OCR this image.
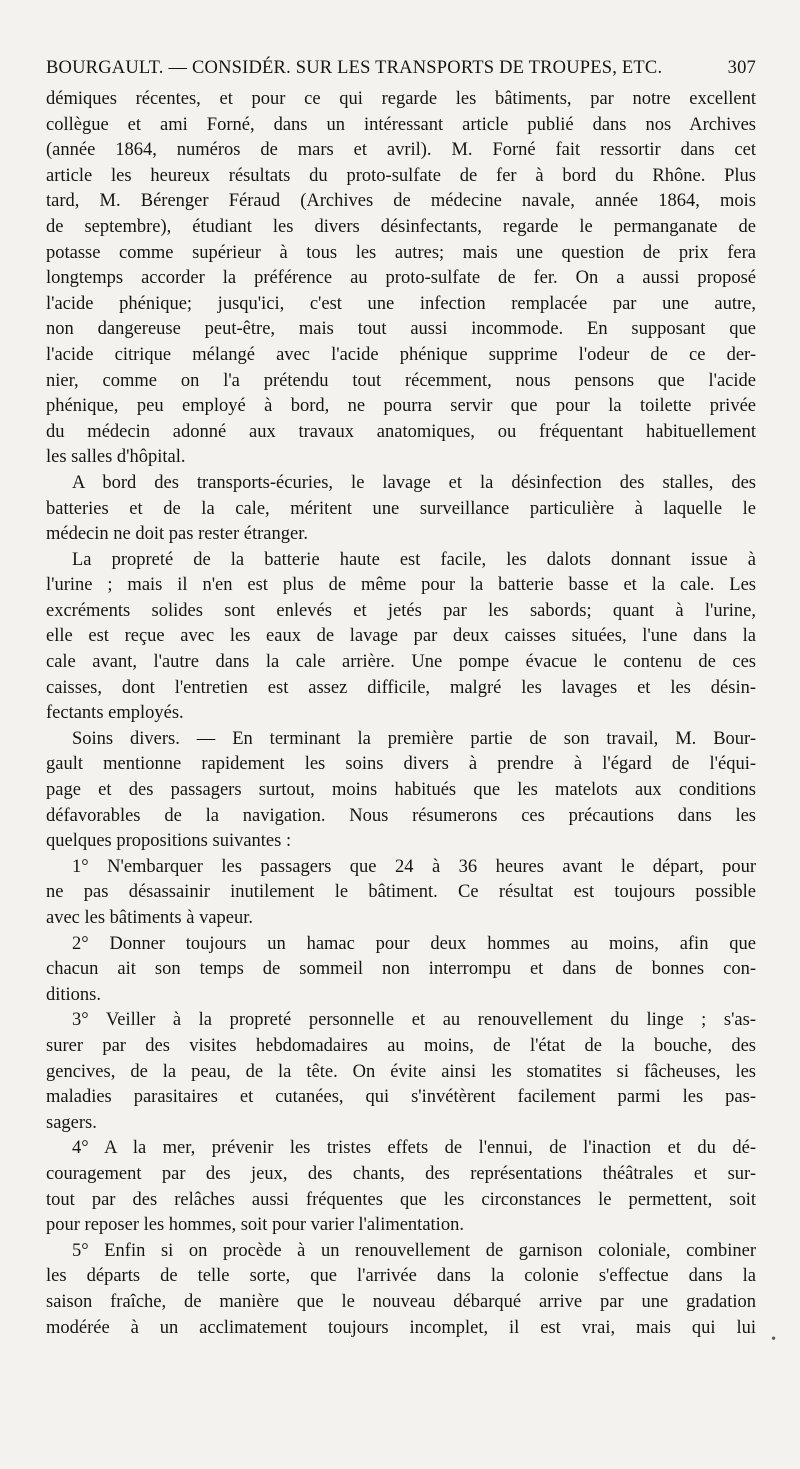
BOURGAULT. — CONSIDÉR. SUR LES TRANSPORTS DE TROUPES, ETC.	307
démiques récentes, et pour ce qui regarde les bâtiments, par notre excellent
collègue et ami Forné, dans un intéressant article publié dans nos Archives
(année 1864, numéros de mars et avril). M. Forné fait ressortir dans cet
article les heureux résultats du proto-sulfate de fer à bord du Rhône. Plus
tard, M. Bérenger Féraud (Archives de médecine navale, année 1864, mois
de septembre), étudiant les divers désinfectants, regarde le permanganate de
potasse comme supérieur à tous les autres; mais une question de prix fera
longtemps accorder la préférence au proto-sulfate de fer. On a aussi proposé
l'acide phénique; jusqu'ici, c'est une infection remplacée par une autre,
non dangereuse peut-être, mais tout aussi incommode. En supposant que
l'acide citrique mélangé avec l'acide phénique supprime l'odeur de ce der-
nier, comme on l'a prétendu tout récemment, nous pensons que l'acide
phénique, peu employé à bord, ne pourra servir que pour la toilette privée
du médecin adonné aux travaux anatomiques, ou fréquentant habituellement
les salles d'hôpital.
A bord des transports-écuries, le lavage et la désinfection des stalles, des
batteries et de la cale, méritent une surveillance particulière à laquelle le
médecin ne doit pas rester étranger.
La propreté de la batterie haute est facile, les dalots donnant issue à
l'urine ; mais il n'en est plus de même pour la batterie basse et la cale. Les
excréments solides sont enlevés et jetés par les sabords; quant à l'urine,
elle est reçue avec les eaux de lavage par deux caisses situées, l'une dans la
cale avant, l'autre dans la cale arrière. Une pompe évacue le contenu de ces
caisses, dont l'entretien est assez difficile, malgré les lavages et les désin-
fectants employés.
Soins divers. — En terminant la première partie de son travail, M. Bour-
gault mentionne rapidement les soins divers à prendre à l'égard de l'équi-
page et des passagers surtout, moins habitués que les matelots aux conditions
défavorables de la navigation. Nous résumerons ces précautions dans les
quelques propositions suivantes :
1° N'embarquer les passagers que 24 à 36 heures avant le départ, pour
ne pas désassainir inutilement le bâtiment. Ce résultat est toujours possible
avec les bâtiments à vapeur.
2° Donner toujours un hamac pour deux hommes au moins, afin que
chacun ait son temps de sommeil non interrompu et dans de bonnes con-
ditions.
3° Veiller à la propreté personnelle et au renouvellement du linge ; s'as-
surer par des visites hebdomadaires au moins, de l'état de la bouche, des
gencives, de la peau, de la tête. On évite ainsi les stomatites si fâcheuses, les
maladies parasitaires et cutanées, qui s'invétèrent facilement parmi les pas-
sagers.
4° A la mer, prévenir les tristes effets de l'ennui, de l'inaction et du dé-
couragement par des jeux, des chants, des représentations théâtrales et sur-
tout par des relâches aussi fréquentes que les circonstances le permettent, soit
pour reposer les hommes, soit pour varier l'alimentation.
5° Enfin si on procède à un renouvellement de garnison coloniale, combiner
les départs de telle sorte, que l'arrivée dans la colonie s'effectue dans la
saison fraîche, de manière que le nouveau débarqué arrive par une gradation
modérée à un acclimatement toujours incomplet, il est vrai, mais qui lui
•
